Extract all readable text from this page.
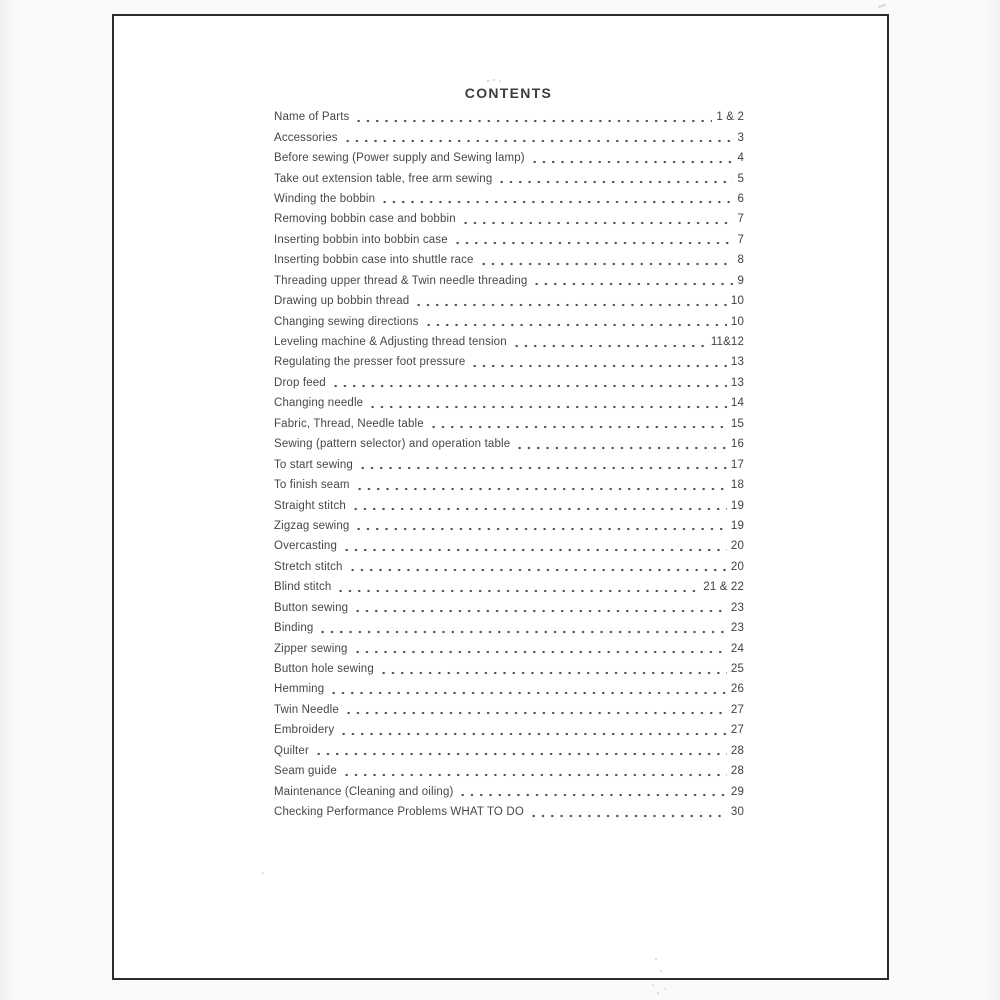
CONTENTS
Name of Parts	1 & 2
Accessories	3
Before sewing (Power supply and Sewing lamp)	4
Take out extension table, free arm sewing	5
Winding the bobbin	6
Removing bobbin case and bobbin	7
Inserting bobbin into bobbin case	7
Inserting bobbin case into shuttle race	8
Threading upper thread & Twin needle threading	9
Drawing up bobbin thread	10
Changing sewing directions	10
Leveling machine & Adjusting thread tension	11&12
Regulating the presser foot pressure	13
Drop feed	13
Changing needle	14
Fabric, Thread, Needle table	15
Sewing (pattern selector) and operation table	16
To start sewing	17
To finish seam	18
Straight stitch	19
Zigzag sewing	19
Overcasting	20
Stretch stitch	20
Blind stitch	21 & 22
Button sewing	23
Binding	23
Zipper sewing	24
Button hole sewing	25
Hemming	26
Twin Needle	27
Embroidery	27
Quilter	28
Seam guide	28
Maintenance (Cleaning and oiling)	29
Checking Performance Problems WHAT TO DO	30
